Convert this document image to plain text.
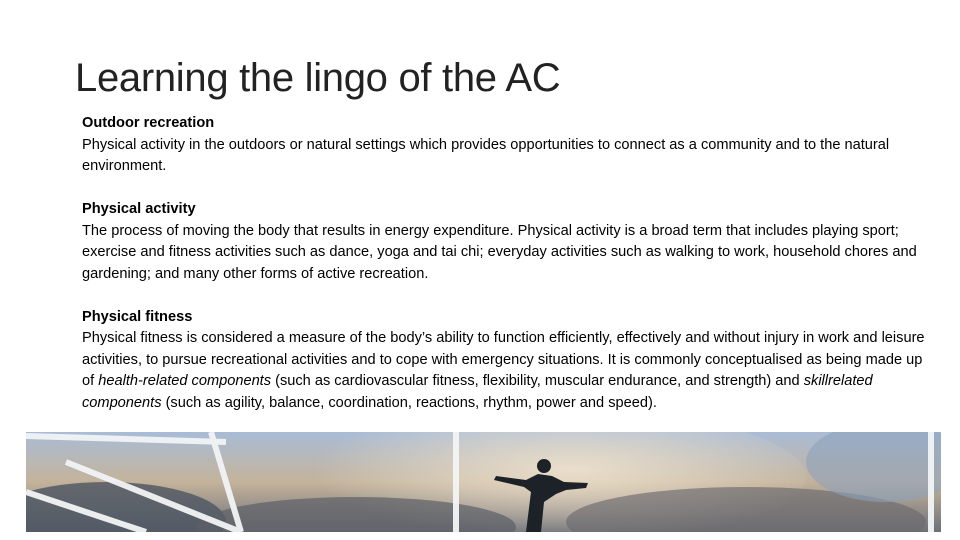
Learning the lingo of the AC
Outdoor recreation
Physical activity in the outdoors or natural settings which provides opportunities to connect as a community and to the natural environment.
Physical activity
The process of moving the body that results in energy expenditure. Physical activity is a broad term that includes playing sport; exercise and fitness activities such as dance, yoga and tai chi; everyday activities such as walking to work, household chores and gardening; and many other forms of active recreation.
Physical fitness
Physical fitness is considered a measure of the body’s ability to function efficiently, effectively and without injury in work and leisure activities, to pursue recreational activities and to cope with emergency situations. It is commonly conceptualised as being made up of health-related components (such as cardiovascular fitness, flexibility, muscular endurance, and strength) and skillrelated components (such as agility, balance, coordination, reactions, rhythm, power and speed).
